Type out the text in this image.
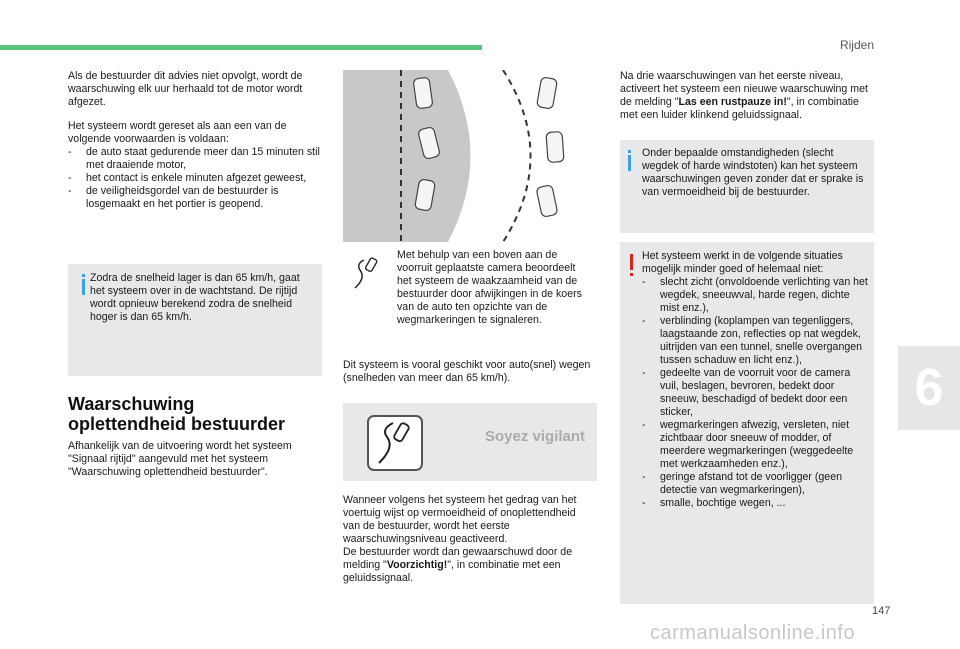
Rijden

Als de bestuurder dit advies niet opvolgt, wordt de waarschuwing elk uur herhaald tot de motor wordt afgezet.

Het systeem wordt gereset als aan een van de volgende voorwaarden is voldaan:

- de auto staat gedurende meer dan 15 minuten stil met draaiende motor,
- het contact is enkele minuten afgezet geweest,
- de veiligheidsgordel van de bestuurder is losgemaakt en het portier is geopend.

Zodra de snelheid lager is dan 65 km/h, gaat het systeem over in de wachtstand. De rijtijd wordt opnieuw berekend zodra de snelheid hoger is dan 65 km/h.

Waarschuwing
oplettendheid bestuurder

Afhankelijk van de uitvoering wordt het systeem "Signaal rijtijd" aangevuld met het systeem "Waarschuwing oplettendheid bestuurder".

Met behulp van een boven aan de voorruit geplaatste camera beoordeelt het systeem de waakzaamheid van de bestuurder door afwijkingen in de koers van de auto ten opzichte van de wegmarkeringen te signaleren.

Dit systeem is vooral geschikt voor auto(snel) wegen (snelheden van meer dan 65 km/h).

Soyez vigilant

Wanneer volgens het systeem het gedrag van het voertuig wijst op vermoeidheid of onoplettendheid van de bestuurder, wordt het eerste waarschuwingsniveau geactiveerd.

De bestuurder wordt dan gewaarschuwd door de melding "Voorzichtig!", in combinatie met een geluidssignaal.

Na drie waarschuwingen van het eerste niveau, activeert het systeem een nieuwe waarschuwing met de melding "Las een rustpauze in!", in combinatie met een luider klinkend geluidssignaal.

Onder bepaalde omstandigheden (slecht wegdek of harde windstoten) kan het systeem waarschuwingen geven zonder dat er sprake is van vermoeidheid bij de bestuurder.

Het systeem werkt in de volgende situaties mogelijk minder goed of helemaal niet:

- slecht zicht (onvoldoende verlichting van het wegdek, sneeuwval, harde regen, dichte mist enz.),
- verblinding (koplampen van tegenliggers, laagstaande zon, reflecties op nat wegdek, uitrijden van een tunnel, snelle overgangen tussen schaduw en licht enz.),
- gedeelte van de voorruit voor de camera vuil, beslagen, bevroren, bedekt door sneeuw, beschadigd of bedekt door een sticker,
- wegmarkeringen afwezig, versleten, niet zichtbaar door sneeuw of modder, of meerdere wegmarkeringen (weggedeelte met werkzaamheden enz.),
- geringe afstand tot de voorligger (geen detectie van wegmarkeringen),
- smalle, bochtige wegen, ...
6
147
carmanualsonline.info
